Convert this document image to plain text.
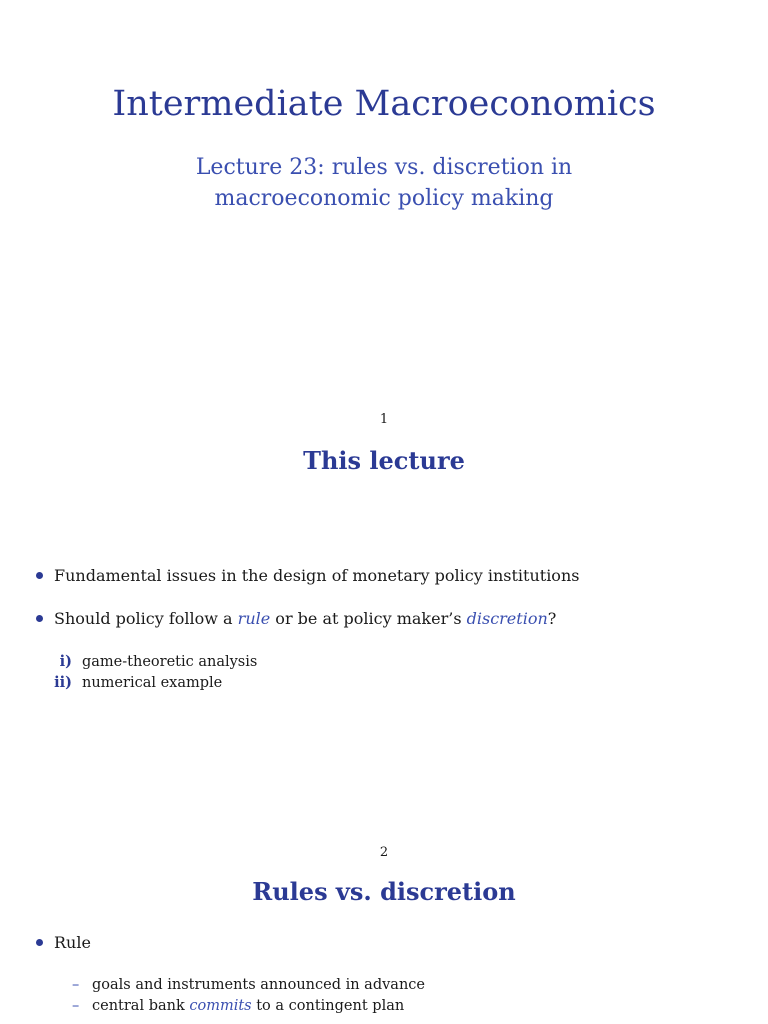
Intermediate Macroeconomics
Lecture 23: rules vs. discretion in
macroeconomic policy making
1
This lecture
Fundamental issues in the design of monetary policy institutions
Should policy follow a rule or be at policy maker’s discretion?
i) game-theoretic analysis
ii) numerical example
2
Rules vs. discretion
Rule
– goals and instruments announced in advance
– central bank commits to a contingent plan
